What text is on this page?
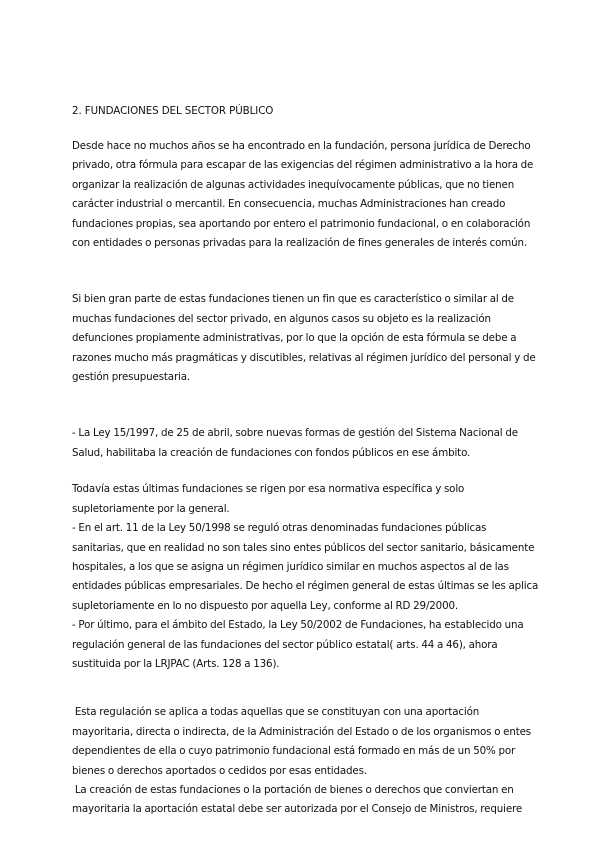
2. FUNDACIONES DEL SECTOR PÚBLICO

Desde hace no muchos años se ha encontrado en la fundación, persona jurídica de Derecho privado, otra fórmula para escapar de las exigencias del régimen administrativo a la hora de organizar la realización de algunas actividades inequívocamente públicas, que no tienen carácter industrial o mercantil. En consecuencia, muchas Administraciones han creado fundaciones propias, sea aportando por entero el patrimonio fundacional, o en colaboración con entidades o personas privadas para la realización de fines generales de interés común.

Si bien gran parte de estas fundaciones tienen un fin que es característico o similar al de muchas fundaciones del sector privado, en algunos casos su objeto es la realización defunciones propiamente administrativas, por lo que la opción de esta fórmula se debe a razones mucho más pragmáticas y discutibles, relativas al régimen jurídico del personal y de gestión presupuestaria.

- La Ley 15/1997, de 25 de abril, sobre nuevas formas de gestión del Sistema Nacional de Salud, habilitaba la creación de fundaciones con fondos públicos en ese ámbito.

Todavía estas últimas fundaciones se rigen por esa normativa específica y solo supletoriamente por la general.

- En el art. 11 de la Ley 50/1998 se reguló otras denominadas fundaciones públicas sanitarias, que en realidad no son tales sino entes públicos del sector sanitario, básicamente hospitales, a los que se asigna un régimen jurídico similar en muchos aspectos al de las entidades públicas empresariales. De hecho el régimen general de estas últimas se les aplica supletoriamente en lo no dispuesto por aquella Ley, conforme al RD 29/2000.

- Por último, para el ámbito del Estado, la Ley 50/2002 de Fundaciones, ha establecido una regulación general de las fundaciones del sector público estatal( arts. 44 a 46), ahora sustituida por la LRJPAC (Arts. 128 a 136).

Esta regulación se aplica a todas aquellas que se constituyan con una aportación mayoritaria, directa o indirecta, de la Administración del Estado o de los organismos o entes dependientes de ella o cuyo patrimonio fundacional está formado en más de un 50% por bienes o derechos aportados o cedidos por esas entidades.

La creación de estas fundaciones o la portación de bienes o derechos que conviertan en mayoritaria la aportación estatal debe ser autorizada por el Consejo de Ministros, requiere
